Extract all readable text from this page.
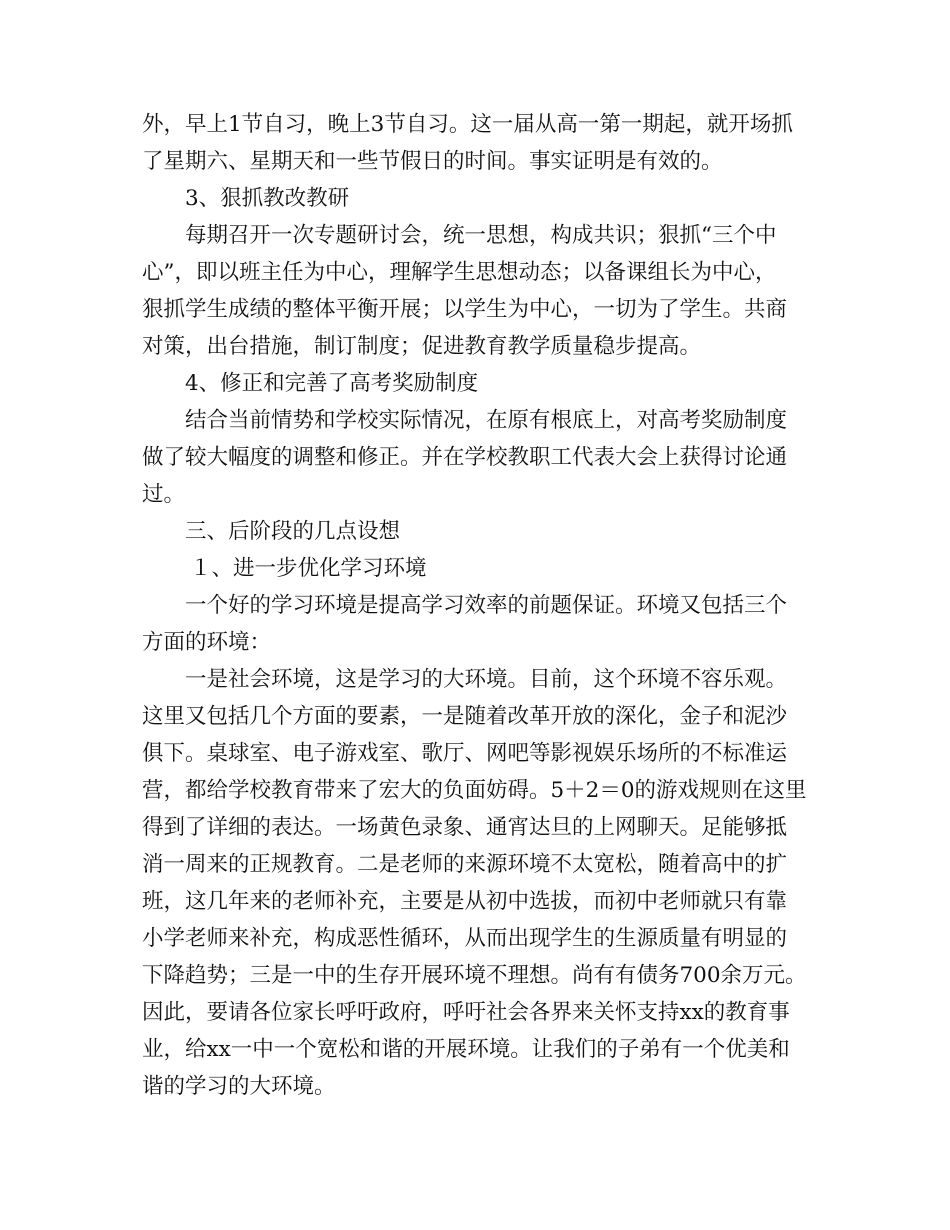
外，早上1节自习，晚上3节自习。这一届从高一第一期起，就开场抓
了星期六、星期天和一些节假日的时间。事实证明是有效的。
3、狠抓教改教研
每期召开一次专题研讨会，统一思想，构成共识；狠抓“三个中
心”，即以班主任为中心，理解学生思想动态；以备课组长为中心，
狠抓学生成绩的整体平衡开展；以学生为中心，一切为了学生。共商
对策，出台措施，制订制度；促进教育教学质量稳步提高。
4、修正和完善了高考奖励制度
结合当前情势和学校实际情况，在原有根底上，对高考奖励制度
做了较大幅度的调整和修正。并在学校教职工代表大会上获得讨论通
过。
三、后阶段的几点设想
１、进一步优化学习环境
一个好的学习环境是提高学习效率的前题保证。环境又包括三个
方面的环境：
一是社会环境，这是学习的大环境。目前，这个环境不容乐观。
这里又包括几个方面的要素，一是随着改革开放的深化，金子和泥沙
俱下。桌球室、电子游戏室、歌厅、网吧等影视娱乐场所的不标准运
营，都给学校教育带来了宏大的负面妨碍。5＋2＝0的游戏规则在这里
得到了详细的表达。一场黄色录象、通宵达旦的上网聊天。足能够抵
消一周来的正规教育。二是老师的来源环境不太宽松，随着高中的扩
班，这几年来的老师补充，主要是从初中选拔，而初中老师就只有靠
小学老师来补充，构成恶性循环，从而出现学生的生源质量有明显的
下降趋势；三是一中的生存开展环境不理想。尚有有债务700余万元。
因此，要请各位家长呼吁政府，呼吁社会各界来关怀支持xx的教育事
业，给xx一中一个宽松和谐的开展环境。让我们的子弟有一个优美和
谐的学习的大环境。
